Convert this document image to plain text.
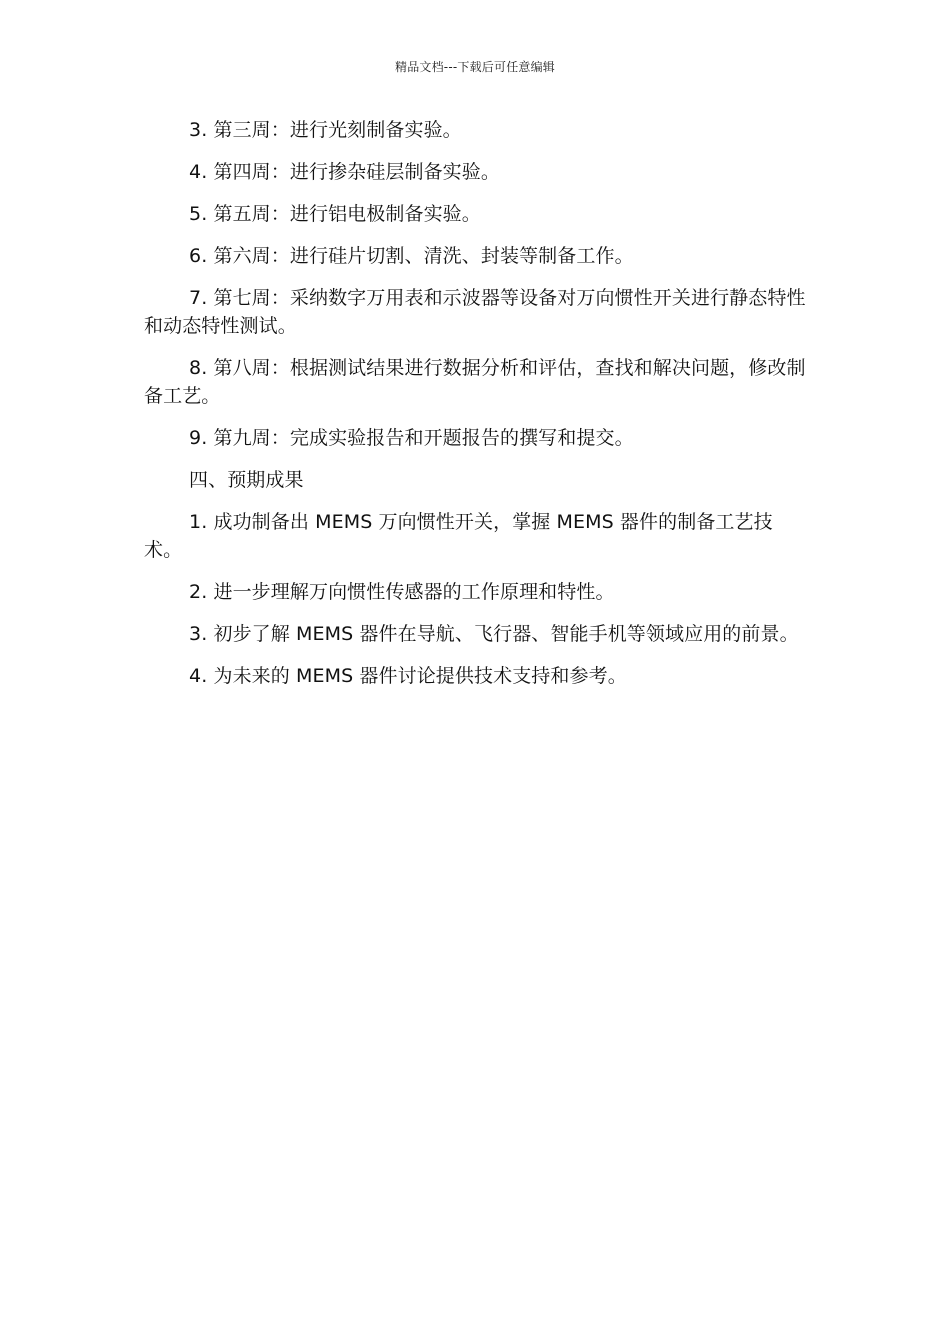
精品文档---下载后可任意编辑

3. 第三周：进行光刻制备实验。

4. 第四周：进行掺杂硅层制备实验。

5. 第五周：进行铝电极制备实验。

6. 第六周：进行硅片切割、清洗、封装等制备工作。

7. 第七周：采纳数字万用表和示波器等设备对万向惯性开关进行静态特性和动态特性测试。

8. 第八周：根据测试结果进行数据分析和评估，查找和解决问题，修改制备工艺。

9. 第九周：完成实验报告和开题报告的撰写和提交。

四、预期成果

1. 成功制备出 MEMS 万向惯性开关，掌握 MEMS 器件的制备工艺技术。

2. 进一步理解万向惯性传感器的工作原理和特性。

3. 初步了解 MEMS 器件在导航、飞行器、智能手机等领域应用的前景。

4. 为未来的 MEMS 器件讨论提供技术支持和参考。
